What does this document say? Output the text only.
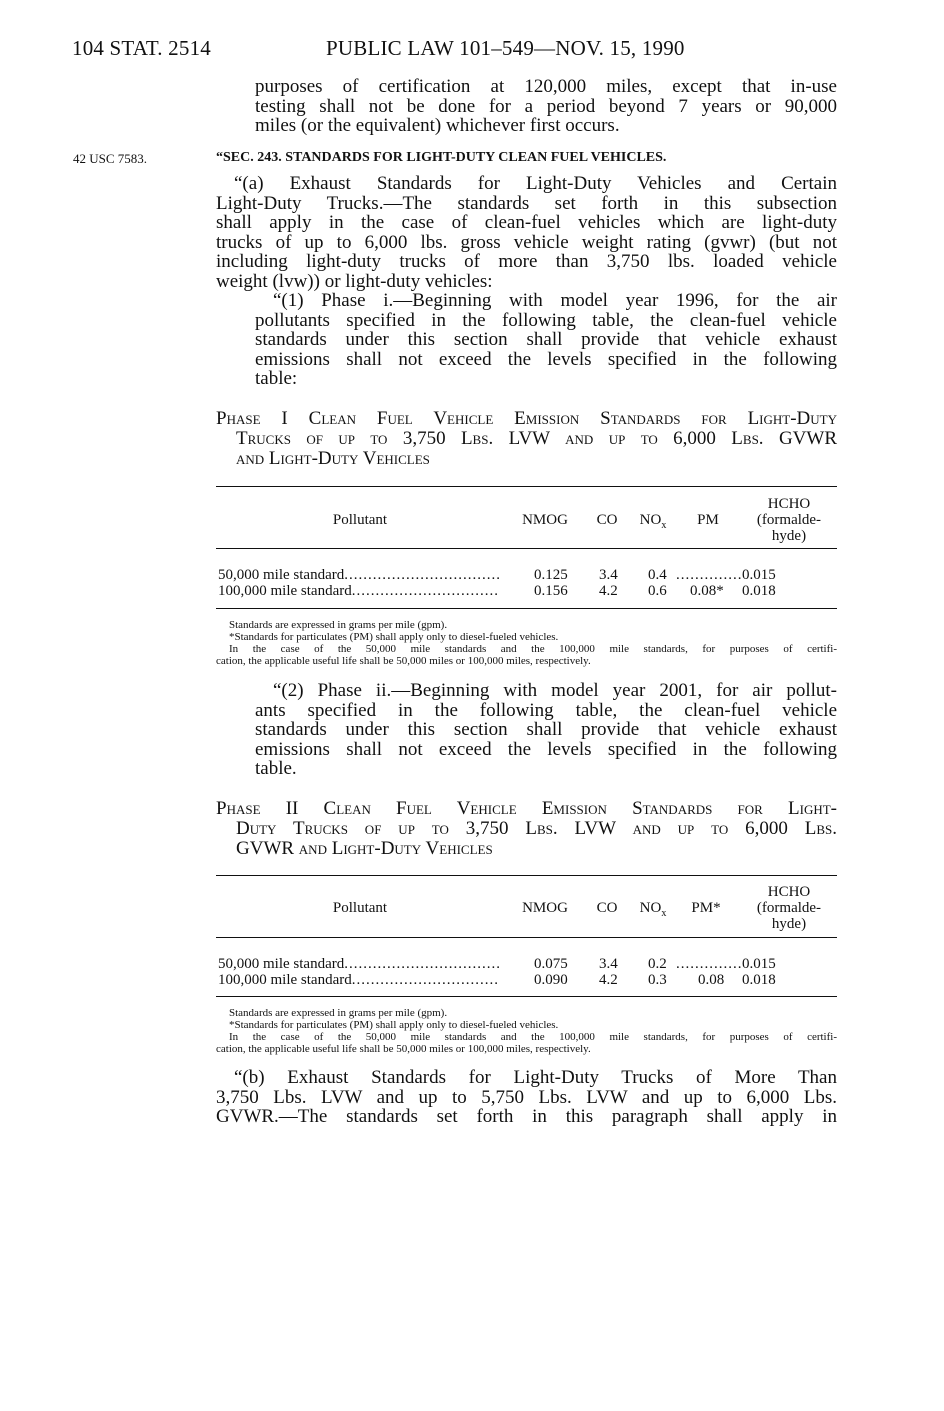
104 STAT. 2514	PUBLIC LAW 101–549—NOV. 15, 1990
purposes of certification at 120,000 miles, except that in-use
testing shall not be done for a period beyond 7 years or 90,000
miles (or the equivalent) whichever first occurs.
42 USC 7583.	“SEC. 243. STANDARDS FOR LIGHT-DUTY CLEAN FUEL VEHICLES.
“(a) Exhaust Standards for Light-Duty Vehicles and Certain
Light-Duty Trucks.—The standards set forth in this subsection
shall apply in the case of clean-fuel vehicles which are light-duty
trucks of up to 6,000 lbs. gross vehicle weight rating (gvwr) (but not
including light-duty trucks of more than 3,750 lbs. loaded vehicle
weight (lvw)) or light-duty vehicles:
“(1) Phase i.—Beginning with model year 1996, for the air
pollutants specified in the following table, the clean-fuel vehicle
standards under this section shall provide that vehicle exhaust
emissions shall not exceed the levels specified in the following
table:
Phase I Clean Fuel Vehicle Emission Standards for Light-Duty
Trucks of up to 3,750 Lbs. LVW and up to 6,000 Lbs. GVWR
and Light-Duty Vehicles
Pollutant	NMOG	CO	$NO_x$	PM
HCHO
(formalde-
hyde)
50,000 mile standard................................. 0.125 3.4 0.4 .............. 0.015
100,000 mile standard............................... 0.156 4.2 0.6 0.08* 0.018
Standards are expressed in grams per mile (gpm).
*Standards for particulates (PM) shall apply only to diesel-fueled vehicles.
In the case of the 50,000 mile standards and the 100,000 mile standards, for purposes of certifi-
cation, the applicable useful life shall be 50,000 miles or 100,000 miles, respectively.
“(2) Phase ii.—Beginning with model year 2001, for air pollut-
ants specified in the following table, the clean-fuel vehicle
standards under this section shall provide that vehicle exhaust
emissions shall not exceed the levels specified in the following
table.
Phase II Clean Fuel Vehicle Emission Standards for Light-
Duty Trucks of up to 3,750 Lbs. LVW and up to 6,000 Lbs.
GVWR and Light-Duty Vehicles
Pollutant	NMOG	CO	$NO_x$	PM*
HCHO
(formalde-
hyde)
50,000 mile standard................................. 0.075 3.4 0.2 .............. 0.015
100,000 mile standard............................... 0.090 4.2 0.3 0.08 0.018
Standards are expressed in grams per mile (gpm).
*Standards for particulates (PM) shall apply only to diesel-fueled vehicles.
In the case of the 50,000 mile standards and the 100,000 mile standards, for purposes of certifi-
cation, the applicable useful life shall be 50,000 miles or 100,000 miles, respectively.
“(b) Exhaust Standards for Light-Duty Trucks of More Than
3,750 Lbs. LVW and up to 5,750 Lbs. LVW and up to 6,000 Lbs.
GVWR.—The standards set forth in this paragraph shall apply in
